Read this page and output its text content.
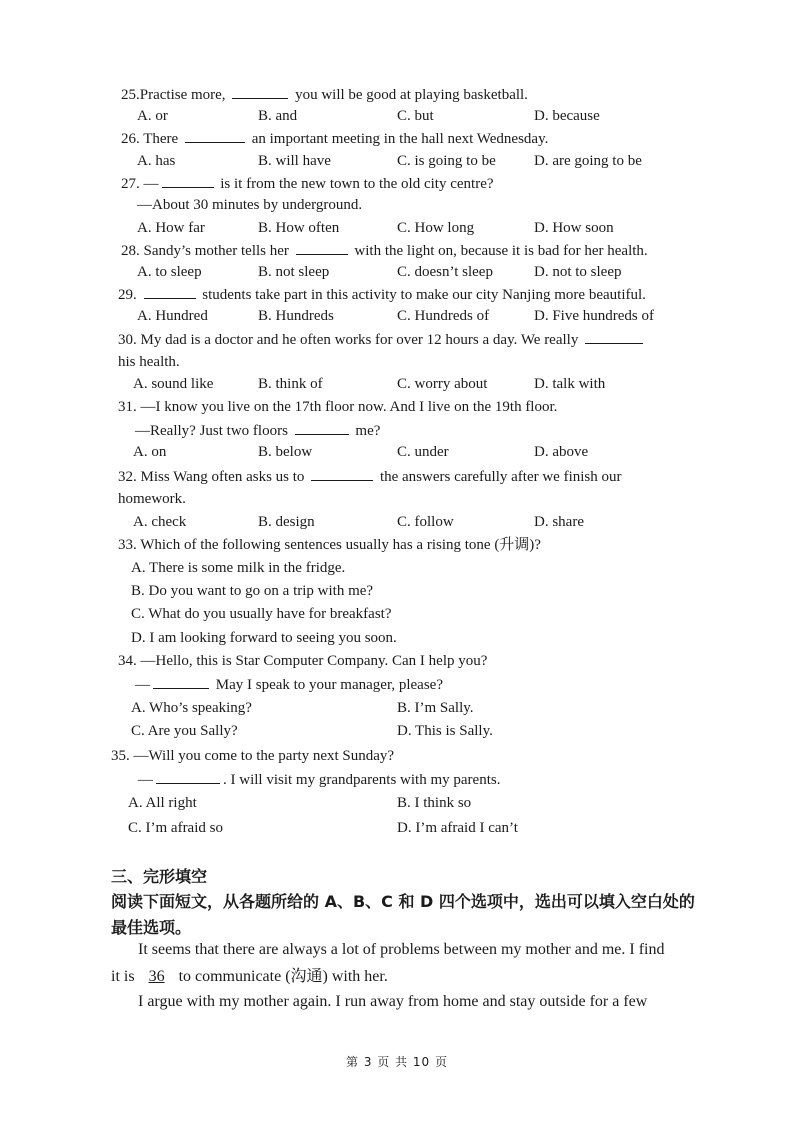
25.Practise more,	you will be good at playing basketball.
A. or	B. and	C. but	D. because
26. There	an important meeting in the hall next Wednesday.
A. has	B. will have	C. is going to be	D. are going to be
27. —	is it from the new town to the old city centre?
—About 30 minutes by underground.
A. How far	B. How often	C. How long	D. How soon
28. Sandy’s mother tells her	with the light on, because it is bad for her health.
A. to sleep	B. not sleep	C. doesn’t sleep	D. not to sleep
29.	students take part in this activity to make our city Nanjing more beautiful.
A. Hundred	B. Hundreds	C. Hundreds of	D. Five hundreds of
30. My dad is a doctor and he often works for over 12 hours a day. We really
his health.
A. sound like	B. think of	C. worry about	D. talk with
31. —I know you live on the 17th floor now. And I live on the 19th floor.
—Really? Just two floors	me?
A. on	B. below	C. under	D. above
32. Miss Wang often asks us to	the answers carefully after we finish our
homework.
A. check	B. design	C. follow	D. share
33. Which of the following sentences usually has a rising tone (升调)?
A. There is some milk in the fridge.
B. Do you want to go on a trip with me?
C. What do you usually have for breakfast?
D. I am looking forward to seeing you soon.
34. —Hello, this is Star Computer Company. Can I help you?
—	May I speak to your manager, please?
A. Who’s speaking?	B. I’m Sally.
C. Are you Sally?	D. This is Sally.
35. —Will you come to the party next Sunday?
—	. I will visit my grandparents with my parents.
A. All right	B. I think so
C. I’m afraid so	D. I’m afraid I can’t
三、完形填空
阅读下面短文，从各题所给的 A、B、C 和 D 四个选项中，选出可以填入空白处的最佳选项。
It seems that there are always a lot of problems between my mother and me. I find
it is 36 to communicate (沟通) with her.
I argue with my mother again. I run away from home and stay outside for a few
第 3 页 共 10 页
